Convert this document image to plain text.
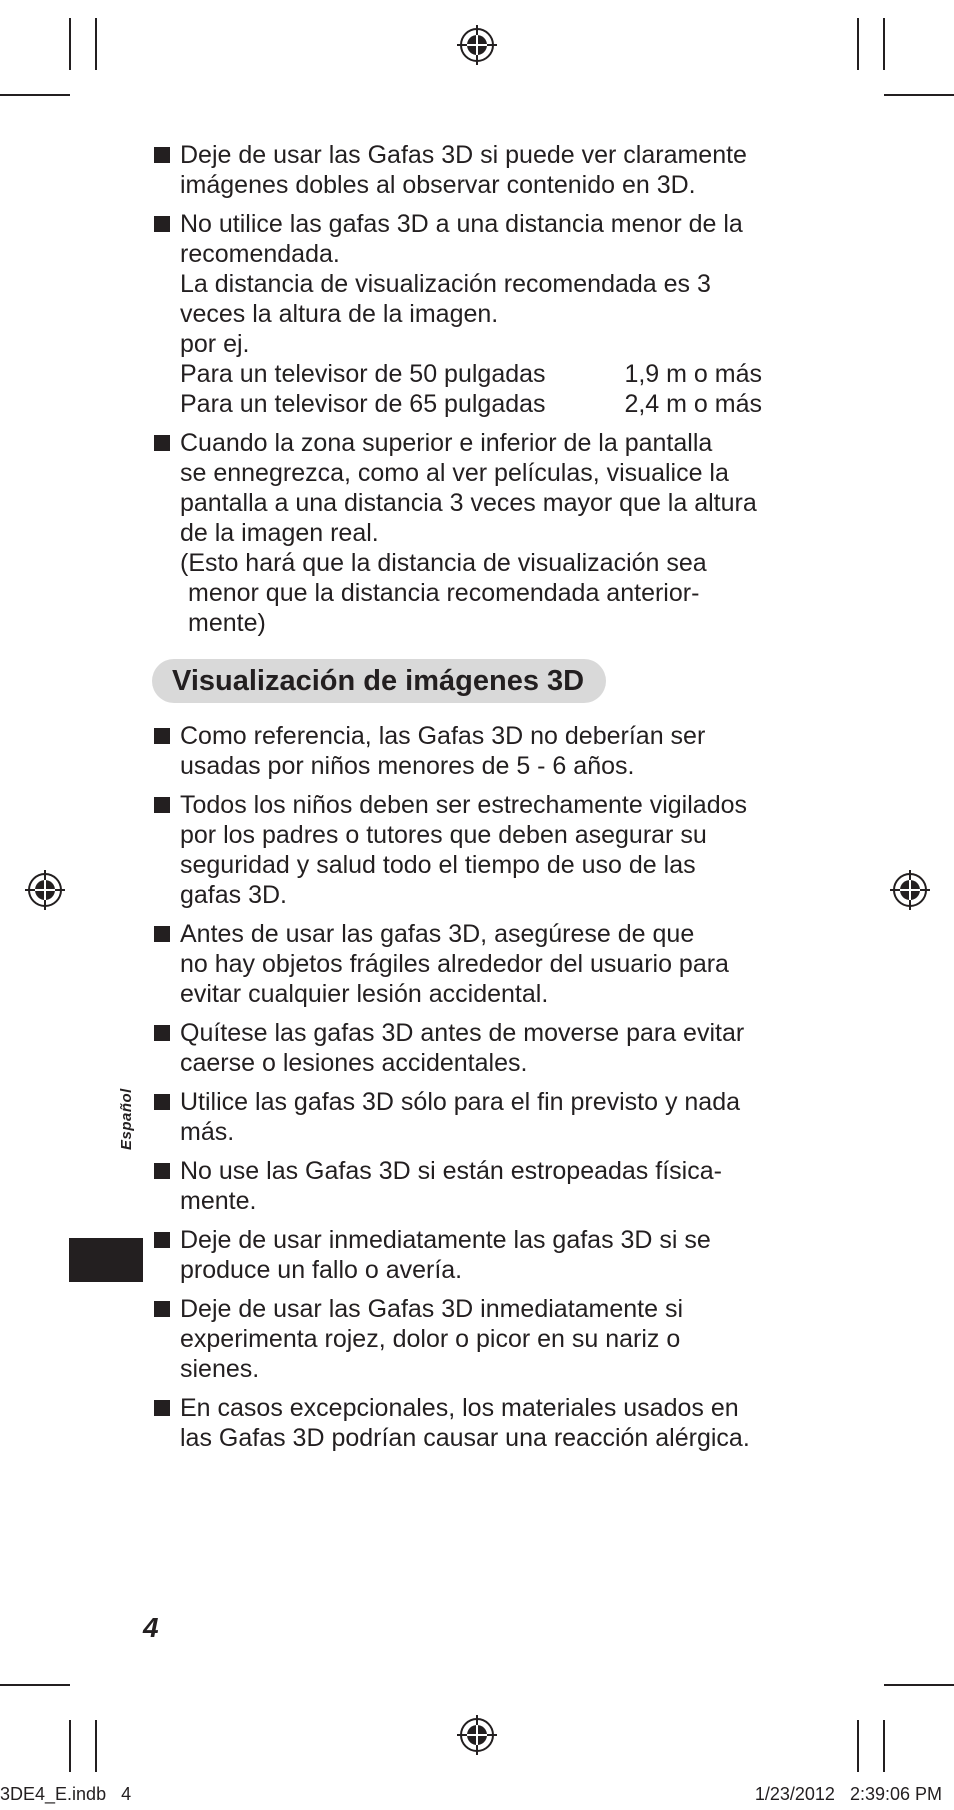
Español

Deje de usar las Gafas 3D si puede ver claramente
imágenes dobles al observar contenido en 3D.

No utilice las gafas 3D a una distancia menor de la
recomendada.
La distancia de visualización recomendada es 3
veces la altura de la imagen.
por ej.

Para un televisor de 50 pulgadas	1,9 m o más
Para un televisor de 65 pulgadas	2,4 m o más

Cuando la zona superior e inferior de la pantalla
se ennegrezca, como al ver películas, visualice la
pantalla a una distancia 3 veces mayor que la altura
de la imagen real.

(Esto hará que la distancia de visualización sea
menor que la distancia recomendada anterior-
mente)

Visualización de imágenes 3D

Como referencia, las Gafas 3D no deberían ser
usadas por niños menores de 5 - 6 años.

Todos los niños deben ser estrechamente vigilados
por los padres o tutores que deben asegurar su
seguridad y salud todo el tiempo de uso de las
gafas 3D.

Antes de usar las gafas 3D, asegúrese de que
no hay objetos frágiles alrededor del usuario para
evitar cualquier lesión accidental.

Quítese las gafas 3D antes de moverse para evitar
caerse o lesiones accidentales.

Utilice las gafas 3D sólo para el fin previsto y nada
más.

No use las Gafas 3D si están estropeadas física-
mente.

Deje de usar inmediatamente las gafas 3D si se
produce un fallo o avería.

Deje de usar las Gafas 3D inmediatamente si
experimenta rojez, dolor o picor en su nariz o
sienes.

En casos excepcionales, los materiales usados en
las Gafas 3D podrían causar una reacción alérgica.

4
3DE4_E.indb   4	1/23/2012   2:39:06 PM
